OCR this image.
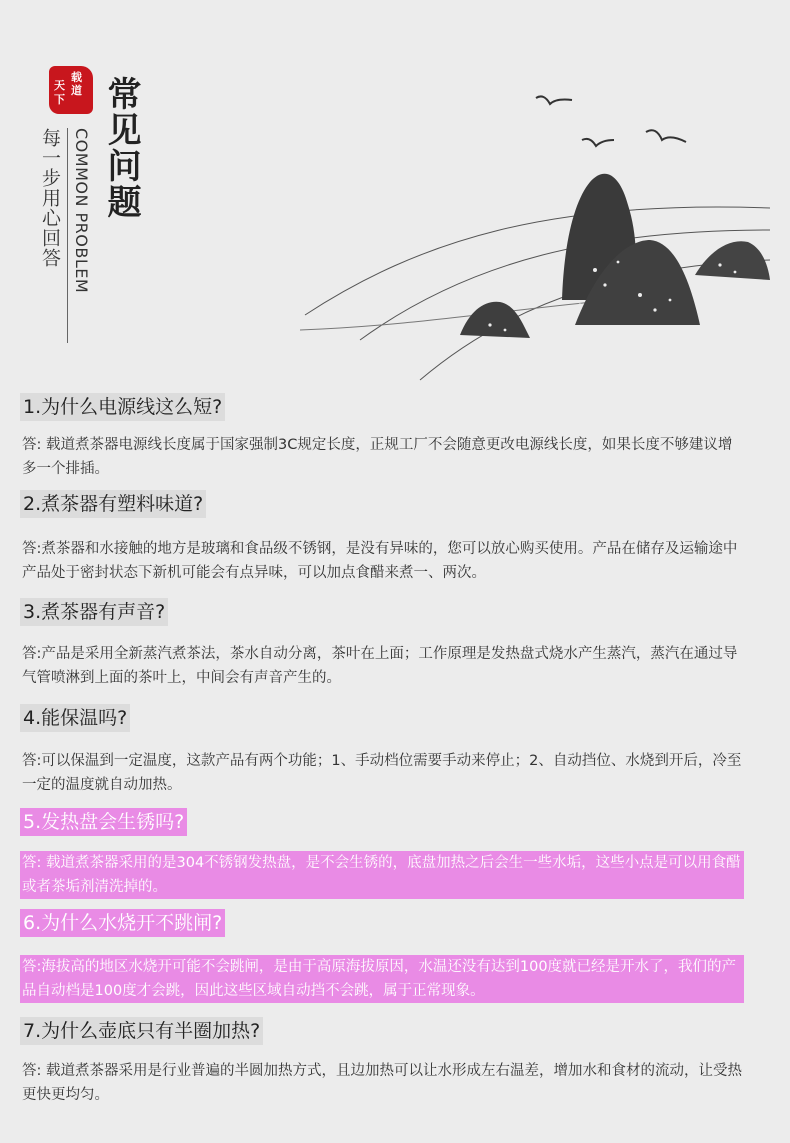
载
道
天
下 常见问题
每一步用心回答 COMMON PROBLEM
1.为什么电源线这么短?
答: 载道煮茶器电源线长度属于国家强制3C规定长度，正规工厂不会随意更改电源线长度，如果长度不够建议增多一个排插。
2.煮茶器有塑料味道?
答:煮茶器和水接触的地方是玻璃和食品级不锈钢，是没有异味的，您可以放心购买使用。产品在储存及运输途中产品处于密封状态下新机可能会有点异味，可以加点食醋来煮一、两次。
3.煮茶器有声音?
答:产品是采用全新蒸汽煮茶法，茶水自动分离，茶叶在上面；工作原理是发热盘式烧水产生蒸汽，蒸汽在通过导气管喷淋到上面的茶叶上，中间会有声音产生的。
4.能保温吗?
答:可以保温到一定温度，这款产品有两个功能；1、手动档位需要手动来停止；2、自动挡位、水烧到开后，冷至一定的温度就自动加热。
5.发热盘会生锈吗?
答: 载道煮茶器采用的是304不锈钢发热盘，是不会生锈的，底盘加热之后会生一些水垢，这些小点是可以用食醋或者茶垢剂清洗掉的。
6.为什么水烧开不跳闸?
答:海拔高的地区水烧开可能不会跳闸，是由于高原海拔原因，水温还没有达到100度就已经是开水了，我们的产品自动档是100度才会跳，因此这些区域自动挡不会跳，属于正常现象。
7.为什么壶底只有半圈加热?
答: 载道煮茶器采用是行业普遍的半圆加热方式，且边加热可以让水形成左右温差，增加水和食材的流动，让受热更快更均匀。
